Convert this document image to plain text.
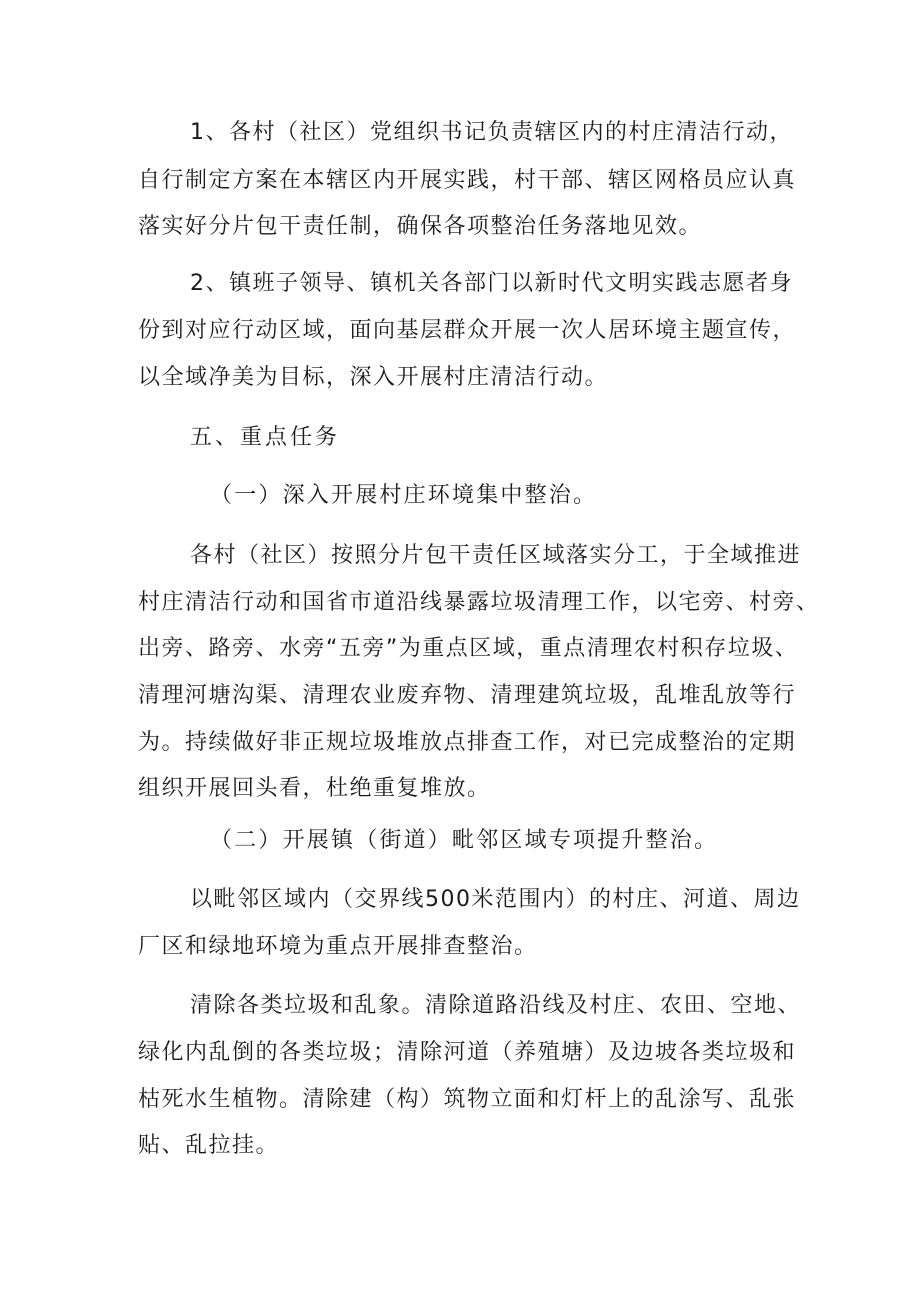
1、各村（社区）党组织书记负责辖区内的村庄清洁行动，
自行制定方案在本辖区内开展实践，村干部、辖区网格员应认真
落实好分片包干责任制，确保各项整治任务落地见效。
2、镇班子领导、镇机关各部门以新时代文明实践志愿者身
份到对应行动区域，面向基层群众开展一次人居环境主题宣传，
以全域净美为目标，深入开展村庄清洁行动。
五、重点任务
（一）深入开展村庄环境集中整治。
各村（社区）按照分片包干责任区域落实分工，于全域推进
村庄清洁行动和国省市道沿线暴露垃圾清理工作，以宅旁、村旁、
岀旁、路旁、水旁“五旁”为重点区域，重点清理农村积存垃圾、
清理河塘沟渠、清理农业废弃物、清理建筑垃圾，乱堆乱放等行
为。持续做好非正规垃圾堆放点排查工作，对已完成整治的定期
组织开展回头看，杜绝重复堆放。
（二）开展镇（街道）毗邻区域专项提升整治。
以毗邻区域内（交界线500米范围内）的村庄、河道、周边
厂区和绿地环境为重点开展排查整治。
清除各类垃圾和乱象。清除道路沿线及村庄、农田、空地、
绿化内乱倒的各类垃圾；清除河道（养殖塘）及边坡各类垃圾和
枯死水生植物。清除建（构）筑物立面和灯杆上的乱涂写、乱张
贴、乱拉挂。
